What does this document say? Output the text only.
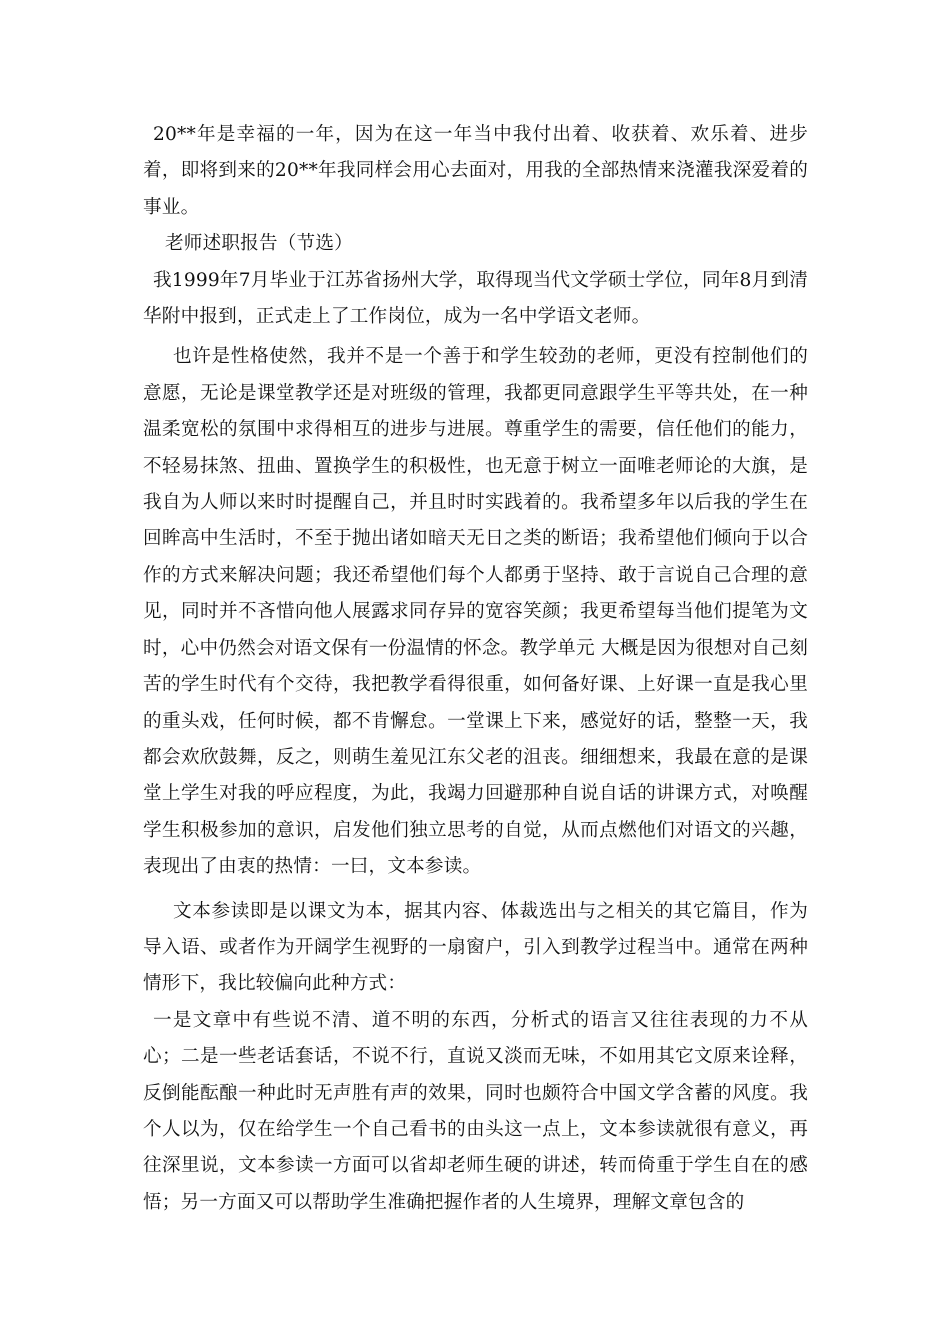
20**年是幸福的一年，因为在这一年当中我付出着、收获着、欢乐着、进步着，即将到来的20**年我同样会用心去面对，用我的全部热情来浇灌我深爱着的事业。

老师述职报告（节选）

我1999年7月毕业于江苏省扬州大学，取得现当代文学硕士学位，同年8月到清华附中报到，正式走上了工作岗位，成为一名中学语文老师。

也许是性格使然，我并不是一个善于和学生较劲的老师，更没有控制他们的意愿，无论是课堂教学还是对班级的管理，我都更同意跟学生平等共处，在一种温柔宽松的氛围中求得相互的进步与进展。尊重学生的需要，信任他们的能力，不轻易抹煞、扭曲、置换学生的积极性，也无意于树立一面唯老师论的大旗，是我自为人师以来时时提醒自己，并且时时实践着的。我希望多年以后我的学生在回眸高中生活时，不至于抛出诸如暗天无日之类的断语；我希望他们倾向于以合作的方式来解决问题；我还希望他们每个人都勇于坚持、敢于言说自己合理的意见，同时并不吝惜向他人展露求同存异的宽容笑颜；我更希望每当他们提笔为文时，心中仍然会对语文保有一份温情的怀念。教学单元 大概是因为很想对自己刻苦的学生时代有个交待，我把教学看得很重，如何备好课、上好课一直是我心里的重头戏，任何时候，都不肯懈怠。一堂课上下来，感觉好的话，整整一天，我都会欢欣鼓舞，反之，则萌生羞见江东父老的沮丧。细细想来，我最在意的是课堂上学生对我的呼应程度，为此，我竭力回避那种自说自话的讲课方式，对唤醒学生积极参加的意识，启发他们独立思考的自觉，从而点燃他们对语文的兴趣，表现出了由衷的热情：一曰，文本参读。

文本参读即是以课文为本，据其内容、体裁选出与之相关的其它篇目，作为导入语、或者作为开阔学生视野的一扇窗户，引入到教学过程当中。通常在两种情形下，我比较偏向此种方式：

一是文章中有些说不清、道不明的东西，分析式的语言又往往表现的力不从心；二是一些老话套话，不说不行，直说又淡而无味，不如用其它文原来诠释，反倒能酝酿一种此时无声胜有声的效果，同时也颇符合中国文学含蓄的风度。我个人以为，仅在给学生一个自己看书的由头这一点上，文本参读就很有意义，再往深里说，文本参读一方面可以省却老师生硬的讲述，转而倚重于学生自在的感悟；另一方面又可以帮助学生准确把握作者的人生境界，理解文章包含的
